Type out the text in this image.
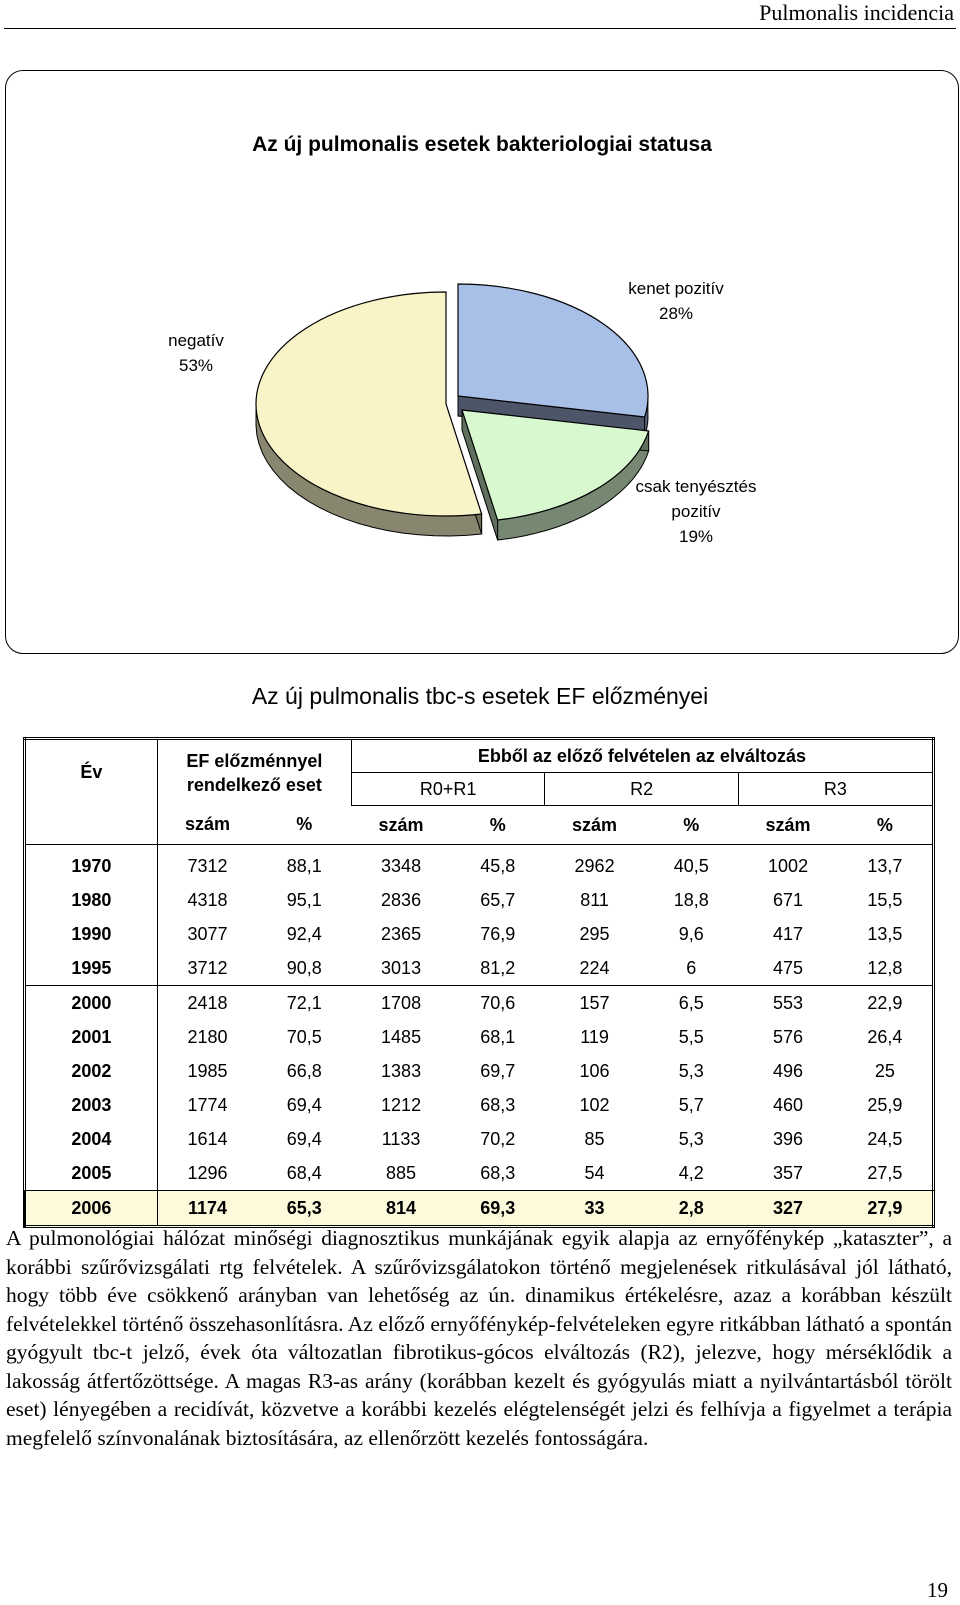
Pulmonalis incidencia
Az új pulmonalis esetek bakteriologiai statusa
kenet pozitív
28%
csak tenyésztés
pozitív
19%
negatív
53%
Az új pulmonalis tbc-s esetek EF előzményei
Év	EF előzménnyel
rendelkező eset		Ebből az előző felvételen az elváltozás					
			R0+R1		R2		R3	
	szám	%	szám	%	szám	%	szám	%
1970	7312	88,1	3348	45,8	2962	40,5	1002	13,7
1980	4318	95,1	2836	65,7	811	18,8	671	15,5
1990	3077	92,4	2365	76,9	295	9,6	417	13,5
1995	3712	90,8	3013	81,2	224	6	475	12,8
2000	2418	72,1	1708	70,6	157	6,5	553	22,9
2001	2180	70,5	1485	68,1	119	5,5	576	26,4
2002	1985	66,8	1383	69,7	106	5,3	496	25
2003	1774	69,4	1212	68,3	102	5,7	460	25,9
2004	1614	69,4	1133	70,2	85	5,3	396	24,5
2005	1296	68,4	885	68,3	54	4,2	357	27,5
2006	1174	65,3	814	69,3	33	2,8	327	27,9
A pulmonológiai hálózat minőségi diagnosztikus munkájának egyik alapja az ernyőfénykép „kataszter”, a korábbi szűrővizsgálati rtg felvételek. A szűrővizsgálatokon történő megjelenések ritkulásával jól látható, hogy több éve csökkenő arányban van lehetőség az ún. dinamikus értékelésre, azaz a korábban készült felvételekkel történő összehasonlításra. Az előző ernyőfénykép-felvételeken egyre ritkábban látható a spontán gyógyult tbc-t jelző, évek óta változatlan fibrotikus-gócos elváltozás (R2), jelezve, hogy mérséklődik a lakosság átfertőzöttsége. A magas R3-as arány (korábban kezelt és gyógyulás miatt a nyilvántartásból törölt eset) lényegében a recidívát, közvetve a korábbi kezelés elégtelenségét jelzi és felhívja a figyelmet a terápia megfelelő színvonalának biztosítására, az ellenőrzött kezelés fontosságára.
19
